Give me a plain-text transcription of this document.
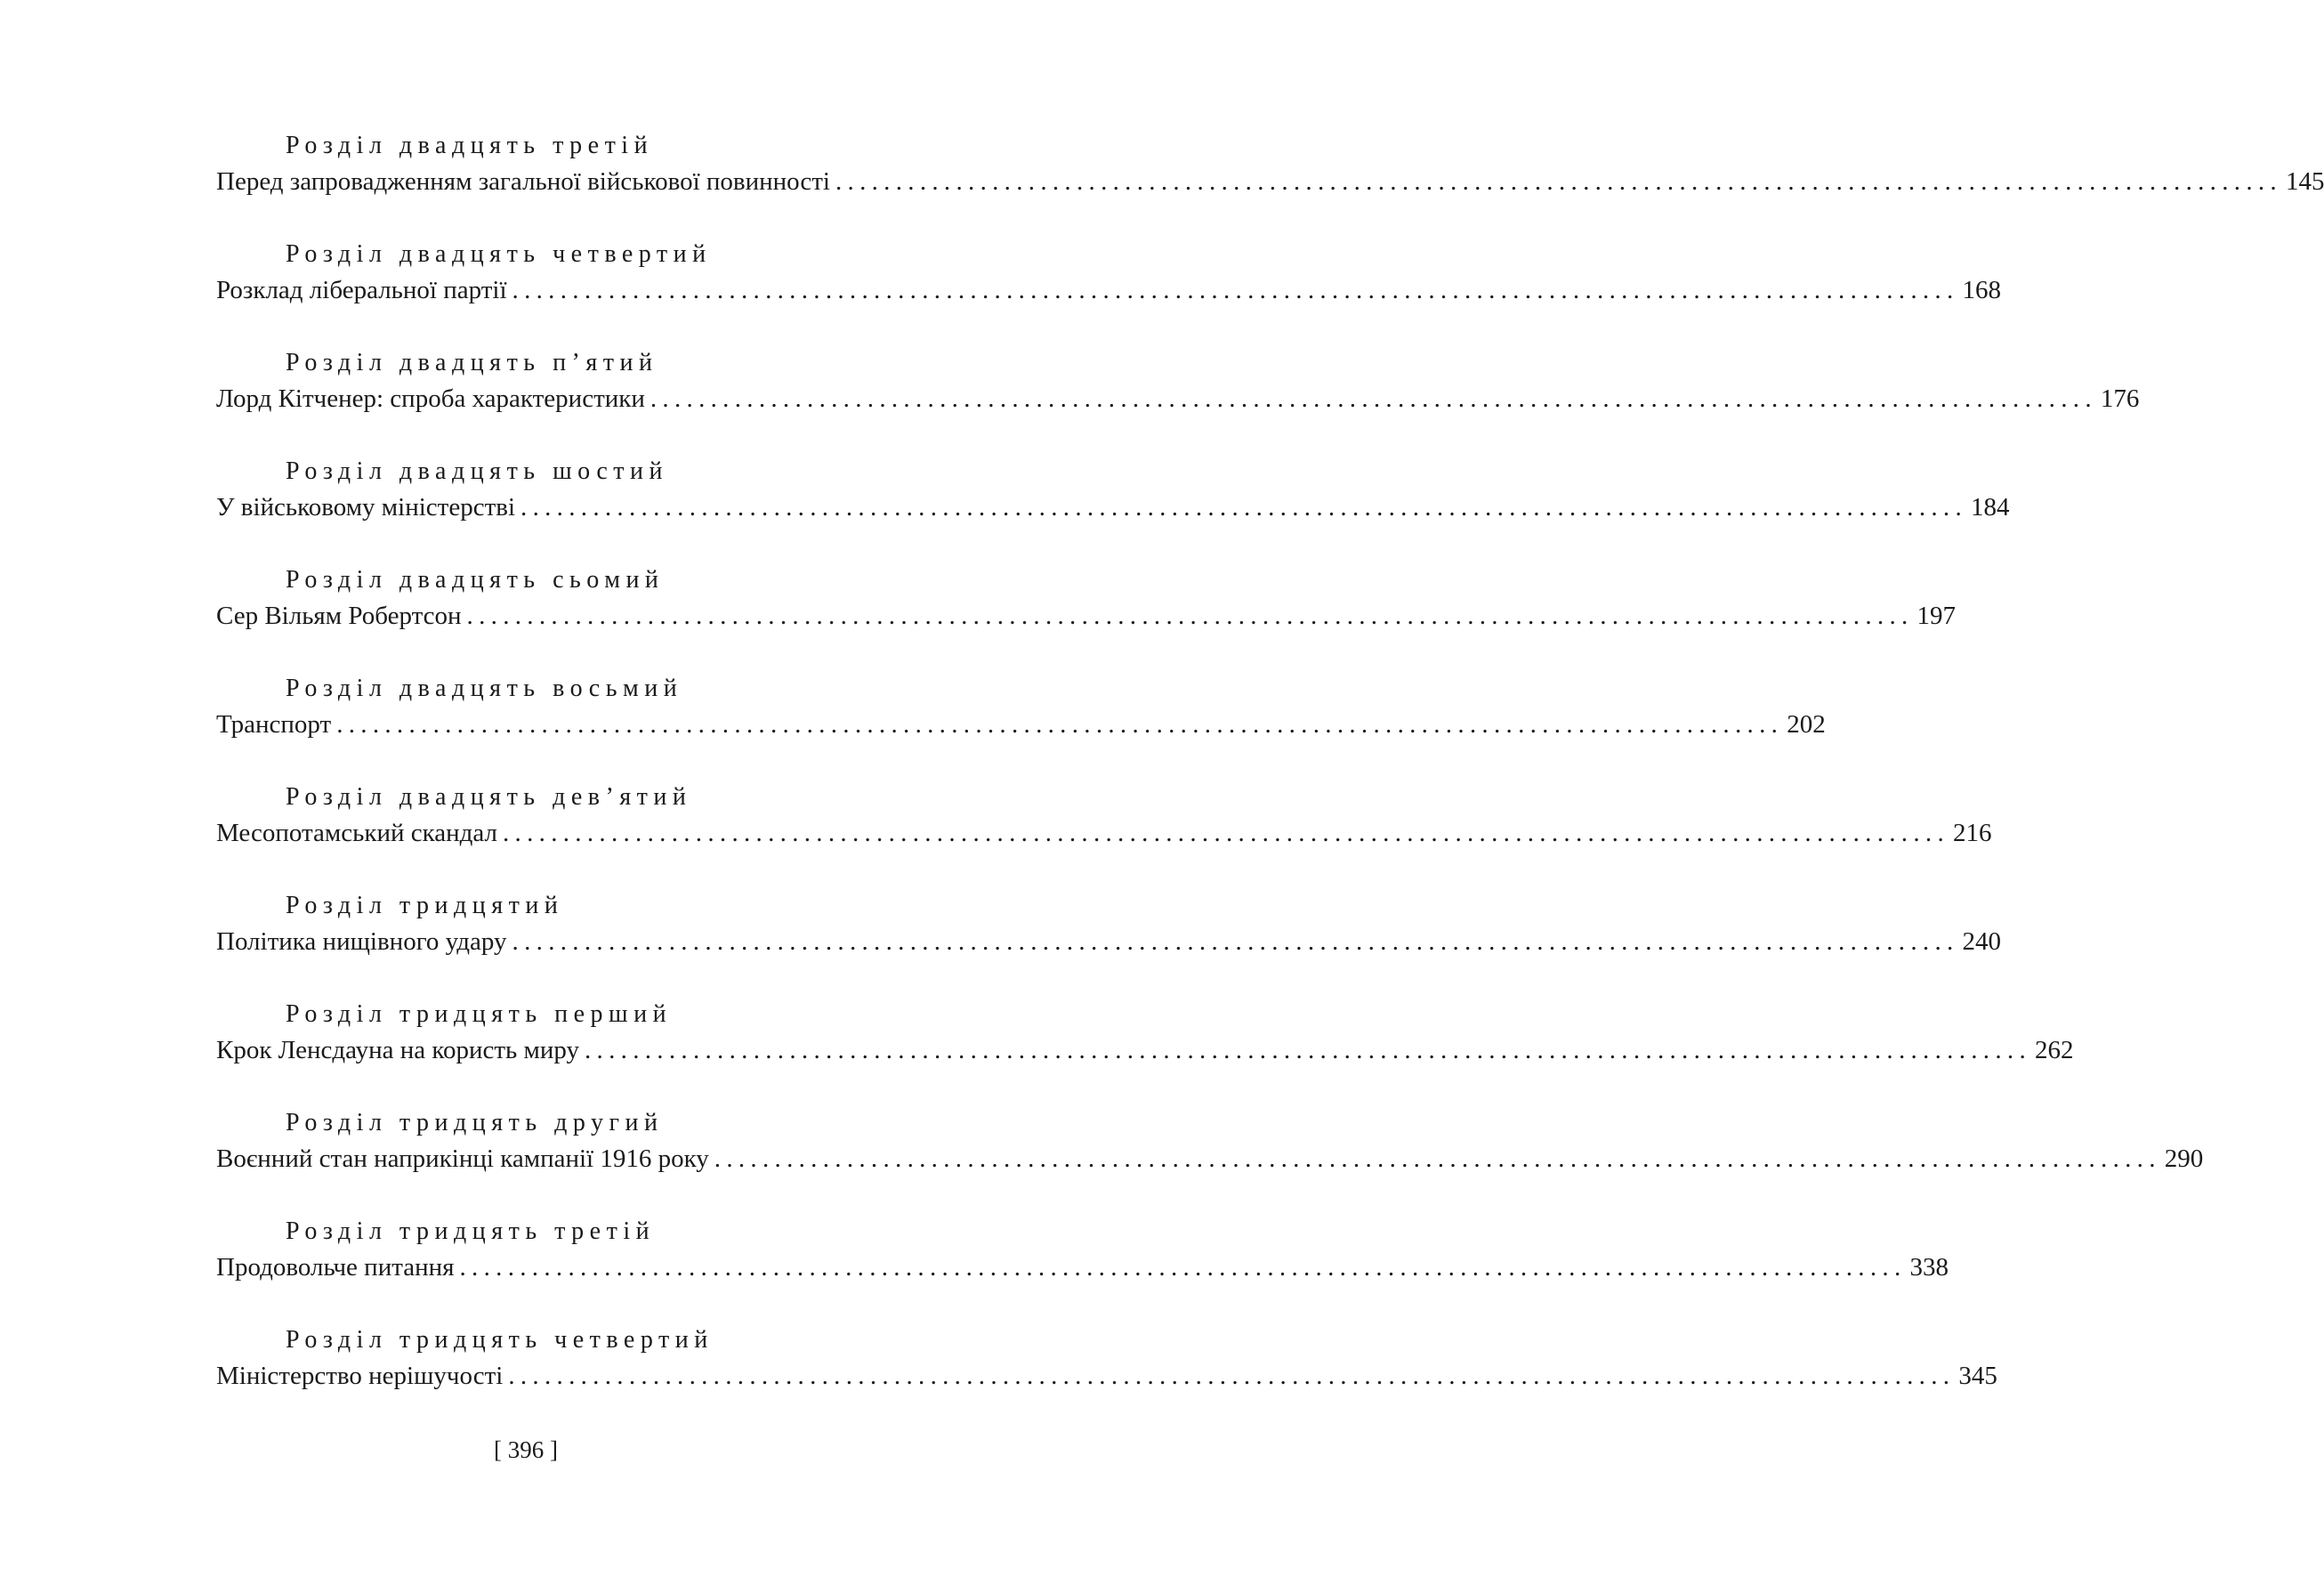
Розділ двадцять третій
Перед запровадженням загальної військової повинності ........................................................................................................................ 145
Розділ двадцять четвертий
Розклад ліберальної партії ........................................................................................................................ 168
Розділ двадцять п’ятий
Лорд Кітченер: спроба характеристики ........................................................................................................................ 176
Розділ двадцять шостий
У військовому міністерстві ........................................................................................................................ 184
Розділ двадцять сьомий
Сер Вільям Робертсон ........................................................................................................................ 197
Розділ двадцять восьмий
Транспорт ........................................................................................................................ 202
Розділ двадцять дев’ятий
Месопотамський скандал ........................................................................................................................ 216
Розділ тридцятий
Політика нищівного удару ........................................................................................................................ 240
Розділ тридцять перший
Крок Ленсдауна на користь миру ........................................................................................................................ 262
Розділ тридцять другий
Воєнний стан наприкінці кампанії 1916 року ........................................................................................................................ 290
Розділ тридцять третій
Продовольче питання ........................................................................................................................ 338
Розділ тридцять четвертий
Міністерство нерішучості ........................................................................................................................ 345
[ 396 ]
